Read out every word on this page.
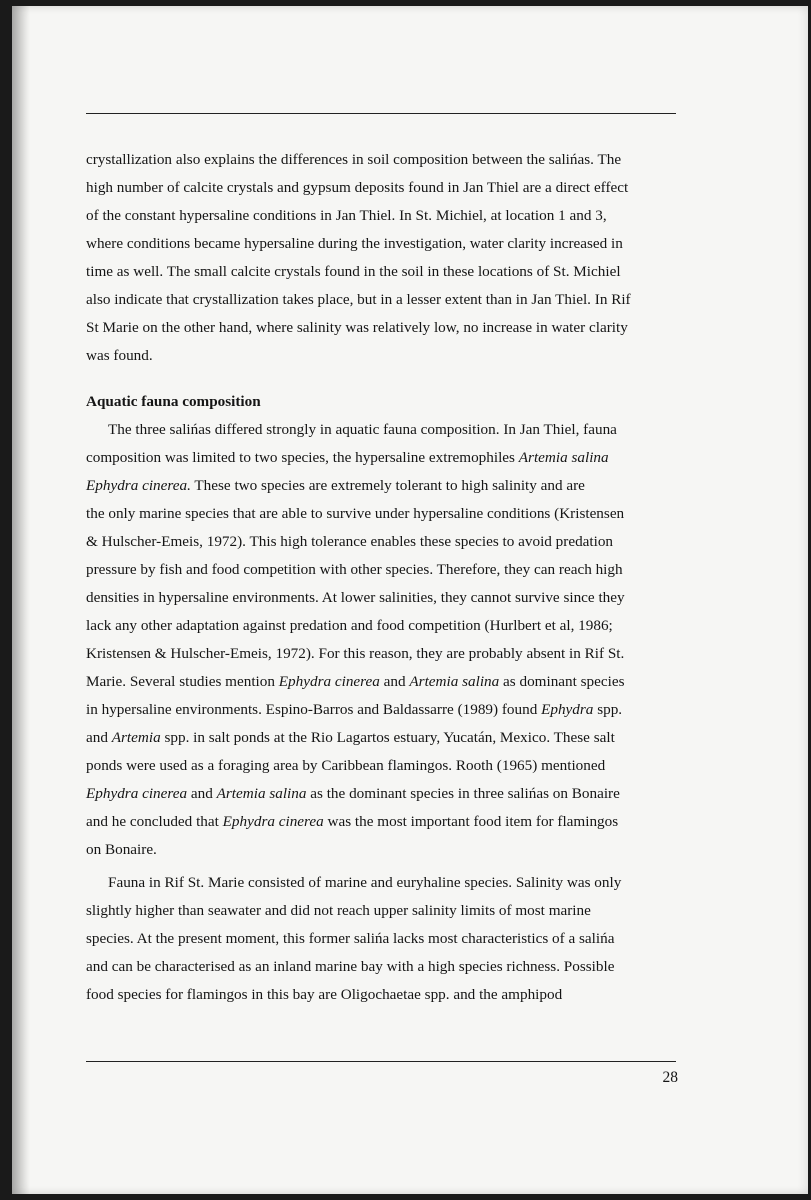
crystallization also explains the differences in soil composition between the salińas. The
high number of calcite crystals and gypsum deposits found in Jan Thiel are a direct effect
of the constant hypersaline conditions in Jan Thiel. In St. Michiel, at location 1 and 3,
where conditions became hypersaline during the investigation, water clarity increased in
time as well. The small calcite crystals found in the soil in these locations of St. Michiel
also indicate that crystallization takes place, but in a lesser extent than in Jan Thiel. In Rif
St Marie on the other hand, where salinity was relatively low, no increase in water clarity
was found.

Aquatic fauna composition

The three salińas differed strongly in aquatic fauna composition. In Jan Thiel, fauna
composition was limited to two species, the hypersaline extremophiles Artemia salina
Ephydra cinerea. These two species are extremely tolerant to high salinity and are
the only marine species that are able to survive under hypersaline conditions (Kristensen
& Hulscher-Emeis, 1972). This high tolerance enables these species to avoid predation
pressure by fish and food competition with other species. Therefore, they can reach high
densities in hypersaline environments. At lower salinities, they cannot survive since they
lack any other adaptation against predation and food competition (Hurlbert et al, 1986;
Kristensen & Hulscher-Emeis, 1972). For this reason, they are probably absent in Rif St.
Marie. Several studies mention Ephydra cinerea and Artemia salina as dominant species
in hypersaline environments. Espino-Barros and Baldassarre (1989) found Ephydra spp.
and Artemia spp. in salt ponds at the Rio Lagartos estuary, Yucatán, Mexico. These salt
ponds were used as a foraging area by Caribbean flamingos. Rooth (1965) mentioned
Ephydra cinerea and Artemia salina as the dominant species in three salińas on Bonaire
and he concluded that Ephydra cinerea was the most important food item for flamingos
on Bonaire.

Fauna in Rif St. Marie consisted of marine and euryhaline species. Salinity was only
slightly higher than seawater and did not reach upper salinity limits of most marine
species. At the present moment, this former salińa lacks most characteristics of a salińa
and can be characterised as an inland marine bay with a high species richness. Possible
food species for flamingos in this bay are Oligochaetae spp. and the amphipod

28
